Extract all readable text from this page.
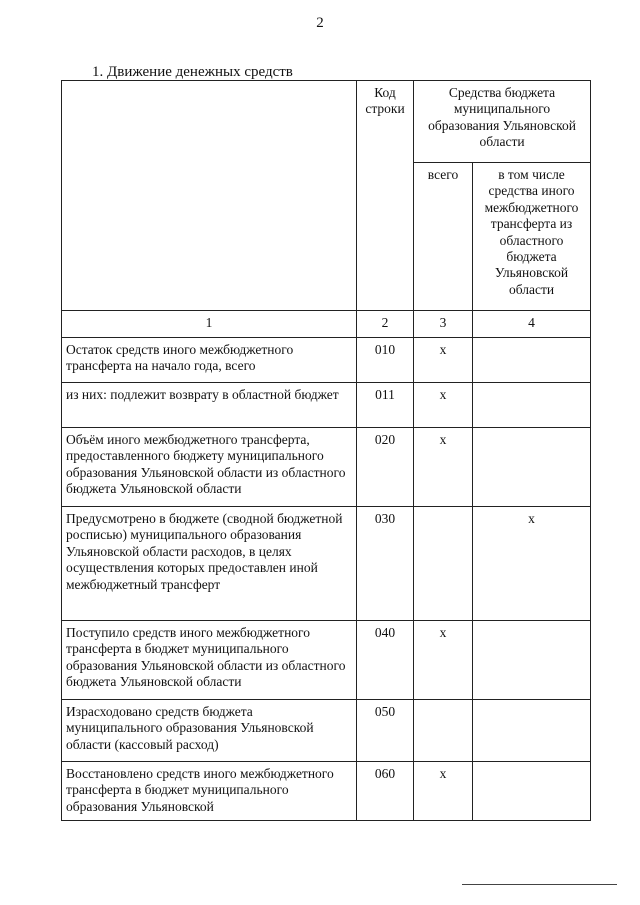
2
1. Движение денежных средств
	Код строки	Средства бюджета муниципального образования Ульяновской области	
		всего	в том числе средства иного межбюджетного трансферта из областного бюджета Ульяновской области
1	2	3	4
Остаток средств иного межбюджетного трансферта на начало года, всего	010	x	
из них: подлежит возврату в областной бюджет	011	x	
Объём иного межбюджетного трансферта, предоставленного бюджету муниципального образования Ульяновской области из областного бюджета Ульяновской области	020	x	
Предусмотрено в бюджете (сводной бюджетной росписью) муниципального образования Ульяновской области расходов, в целях осуществления которых предоставлен иной межбюджетный трансферт	030		x
Поступило средств иного межбюджетного трансферта в бюджет муниципального образования Ульяновской области из областного бюджета Ульяновской области	040	x	
Израсходовано средств бюджета муниципального образования Ульяновской области (кассовый расход)	050		
Восстановлено средств иного межбюджетного трансферта в бюджет муниципального образования Ульяновской	060	x	
